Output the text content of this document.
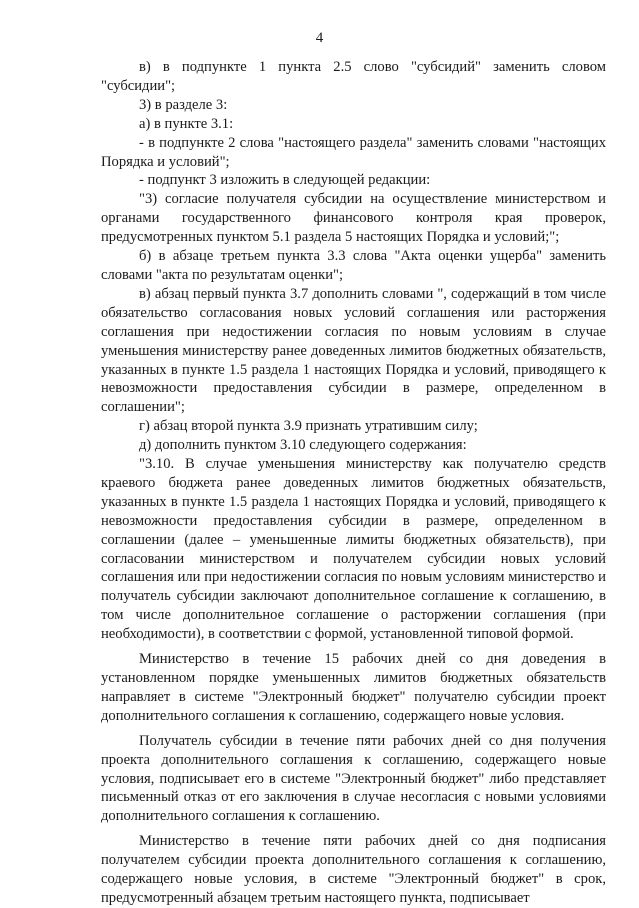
4

в) в подпункте 1 пункта 2.5 слово "субсидий" заменить словом "субсидии";

3) в разделе 3:

а) в пункте 3.1:

- в подпункте 2 слова "настоящего раздела" заменить словами "настоящих Порядка и условий";

- подпункт 3 изложить в следующей редакции:

"3) согласие получателя субсидии на осуществление министерством и органами государственного финансового контроля края проверок, предусмотренных пунктом 5.1 раздела 5 настоящих Порядка и условий;";

б) в абзаце третьем пункта 3.3 слова "Акта оценки ущерба" заменить словами "акта по результатам оценки";

в) абзац первый пункта 3.7 дополнить словами ", содержащий в том числе обязательство согласования новых условий соглашения или расторжения соглашения при недостижении согласия по новым условиям в случае уменьшения министерству ранее доведенных лимитов бюджетных обязательств, указанных в пункте 1.5 раздела 1 настоящих Порядка и условий, приводящего к невозможности предоставления субсидии в размере, определенном в соглашении";

г) абзац второй пункта 3.9 признать утратившим силу;

д) дополнить пунктом 3.10 следующего содержания:

"3.10. В случае уменьшения министерству как получателю средств краевого бюджета ранее доведенных лимитов бюджетных обязательств, указанных в пункте 1.5 раздела 1 настоящих Порядка и условий, приводящего к невозможности предоставления субсидии в размере, определенном в соглашении (далее – уменьшенные лимиты бюджетных обязательств), при согласовании министерством и получателем субсидии новых условий соглашения или при недостижении согласия по новым условиям министерство и получатель субсидии заключают дополнительное соглашение к соглашению, в том числе дополнительное соглашение о расторжении соглашения (при необходимости), в соответствии с формой, установленной типовой формой.

Министерство в течение 15 рабочих дней со дня доведения в установленном порядке уменьшенных лимитов бюджетных обязательств направляет в системе "Электронный бюджет" получателю субсидии проект дополнительного соглашения к соглашению, содержащего новые условия.

Получатель субсидии в течение пяти рабочих дней со дня получения проекта дополнительного соглашения к соглашению, содержащего новые условия, подписывает его в системе "Электронный бюджет" либо представляет письменный отказ от его заключения в случае несогласия с новыми условиями дополнительного соглашения к соглашению.

Министерство в течение пяти рабочих дней со дня подписания получателем субсидии проекта дополнительного соглашения к соглашению, содержащего новые условия, в системе "Электронный бюджет" в срок, предусмотренный абзацем третьим настоящего пункта, подписывает
